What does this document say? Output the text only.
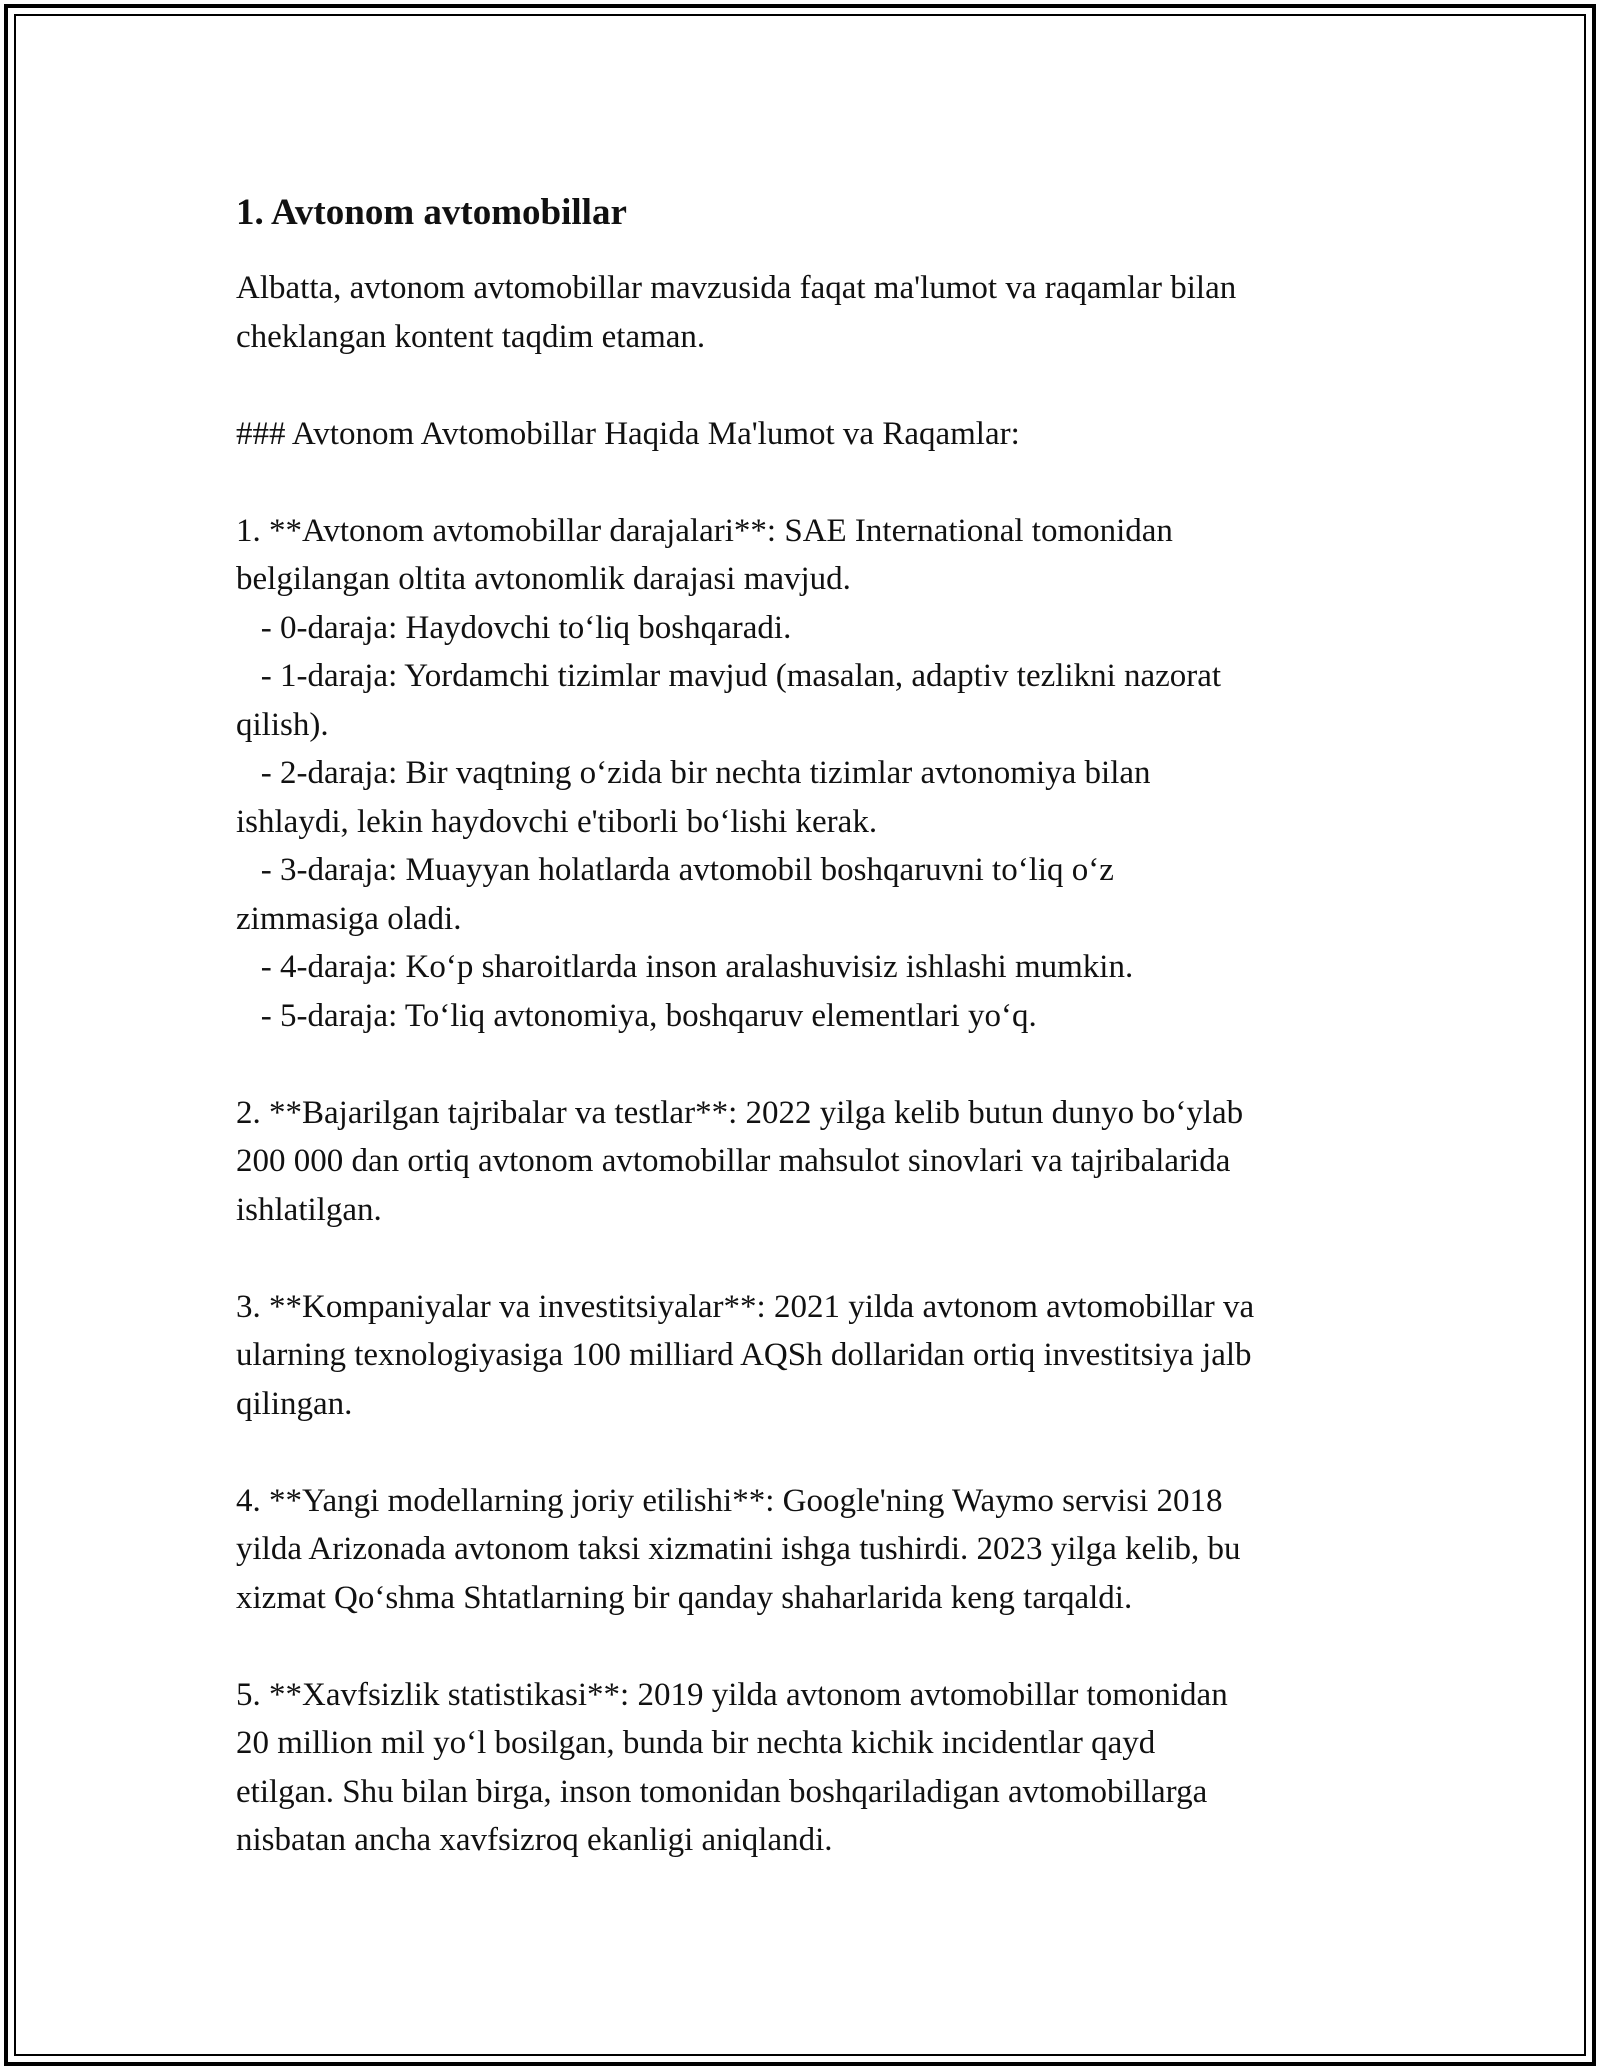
1. Avtonom avtomobillar

Albatta, avtonom avtomobillar mavzusida faqat ma'lumot va raqamlar bilan
cheklangan kontent taqdim etaman.

### Avtonom Avtomobillar Haqida Ma'lumot va Raqamlar:

1. **Avtonom avtomobillar darajalari**: SAE International tomonidan
belgilangan oltita avtonomlik darajasi mavjud.
- 0-daraja: Haydovchi to‘liq boshqaradi.
- 1-daraja: Yordamchi tizimlar mavjud (masalan, adaptiv tezlikni nazorat
qilish).
- 2-daraja: Bir vaqtning o‘zida bir nechta tizimlar avtonomiya bilan
ishlaydi, lekin haydovchi e'tiborli bo‘lishi kerak.
- 3-daraja: Muayyan holatlarda avtomobil boshqaruvni to‘liq o‘z
zimmasiga oladi.
- 4-daraja: Ko‘p sharoitlarda inson aralashuvisiz ishlashi mumkin.
- 5-daraja: To‘liq avtonomiya, boshqaruv elementlari yo‘q.

2. **Bajarilgan tajribalar va testlar**: 2022 yilga kelib butun dunyo bo‘ylab
200 000 dan ortiq avtonom avtomobillar mahsulot sinovlari va tajribalarida
ishlatilgan.

3. **Kompaniyalar va investitsiyalar**: 2021 yilda avtonom avtomobillar va
ularning texnologiyasiga 100 milliard AQSh dollaridan ortiq investitsiya jalb
qilingan.

4. **Yangi modellarning joriy etilishi**: Google'ning Waymo servisi 2018
yilda Arizonada avtonom taksi xizmatini ishga tushirdi. 2023 yilga kelib, bu
xizmat Qo‘shma Shtatlarning bir qanday shaharlarida keng tarqaldi.

5. **Xavfsizlik statistikasi**: 2019 yilda avtonom avtomobillar tomonidan
20 million mil yo‘l bosilgan, bunda bir nechta kichik incidentlar qayd
etilgan. Shu bilan birga, inson tomonidan boshqariladigan avtomobillarga
nisbatan ancha xavfsizroq ekanligi aniqlandi.
